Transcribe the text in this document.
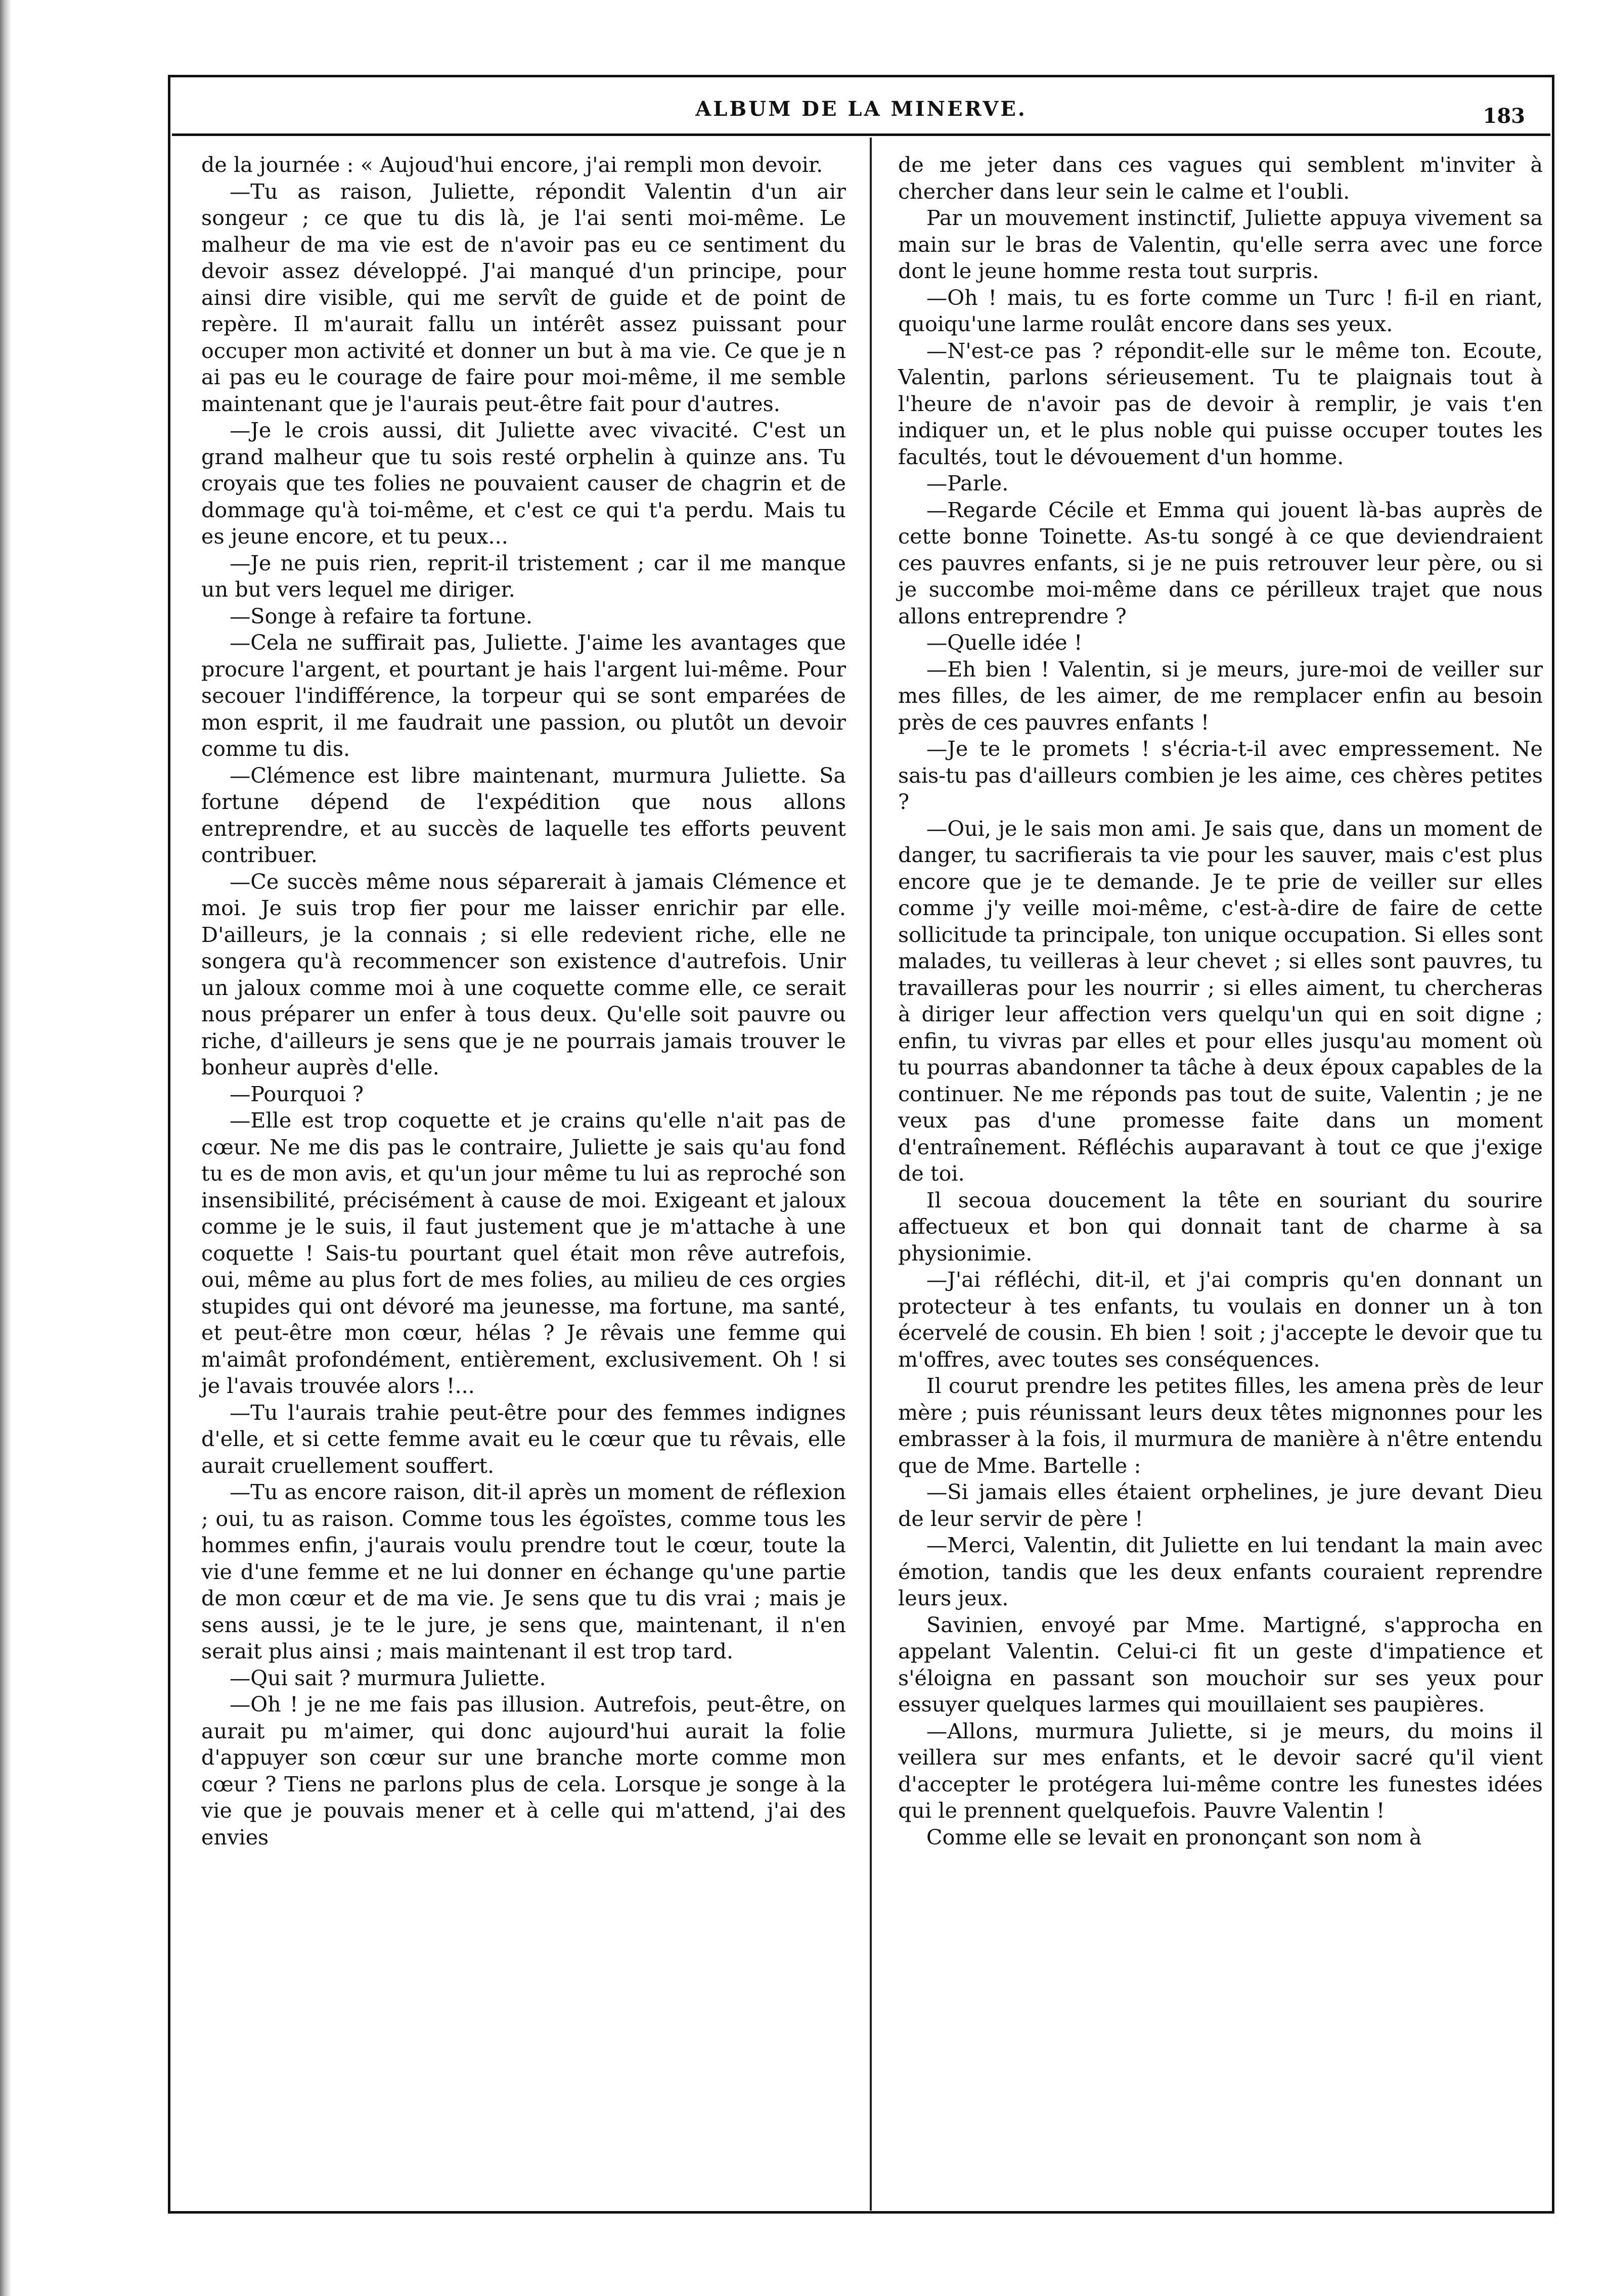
ALBUM DE LA MINERVE.	183

de la journée : « Aujoud'hui encore, j'ai rempli mon devoir.

—Tu as raison, Juliette, répondit Valentin d'un air songeur ; ce que tu dis là, je l'ai senti moi-même. Le malheur de ma vie est de n'avoir pas eu ce sentiment du devoir assez développé. J'ai manqué d'un principe, pour ainsi dire visible, qui me servît de guide et de point de repère. Il m'aurait fallu un intérêt assez puissant pour occuper mon activité et donner un but à ma vie. Ce que je n ai pas eu le courage de faire pour moi-même, il me semble maintenant que je l'aurais peut-être fait pour d'autres.

—Je le crois aussi, dit Juliette avec vivacité. C'est un grand malheur que tu sois resté orphelin à quinze ans. Tu croyais que tes folies ne pouvaient causer de chagrin et de dommage qu'à toi-même, et c'est ce qui t'a perdu. Mais tu es jeune encore, et tu peux...

—Je ne puis rien, reprit-il tristement ; car il me manque un but vers lequel me diriger.

—Songe à refaire ta fortune.

—Cela ne suffirait pas, Juliette. J'aime les avantages que procure l'argent, et pourtant je hais l'argent lui-même. Pour secouer l'indifférence, la torpeur qui se sont emparées de mon esprit, il me faudrait une passion, ou plutôt un devoir comme tu dis.

—Clémence est libre maintenant, murmura Juliette. Sa fortune dépend de l'expédition que nous allons entreprendre, et au succès de laquelle tes efforts peuvent contribuer.

—Ce succès même nous séparerait à jamais Clémence et moi. Je suis trop fier pour me laisser enrichir par elle. D'ailleurs, je la connais ; si elle redevient riche, elle ne songera qu'à recommencer son existence d'autrefois. Unir un jaloux comme moi à une coquette comme elle, ce serait nous préparer un enfer à tous deux. Qu'elle soit pauvre ou riche, d'ailleurs je sens que je ne pourrais jamais trouver le bonheur auprès d'elle.

—Pourquoi ?

—Elle est trop coquette et je crains qu'elle n'ait pas de cœur. Ne me dis pas le contraire, Juliette je sais qu'au fond tu es de mon avis, et qu'un jour même tu lui as reproché son insensibilité, précisément à cause de moi. Exigeant et jaloux comme je le suis, il faut justement que je m'attache à une coquette ! Sais-tu pourtant quel était mon rêve autrefois, oui, même au plus fort de mes folies, au milieu de ces orgies stupides qui ont dévoré ma jeunesse, ma fortune, ma santé, et peut-être mon cœur, hélas ? Je rêvais une femme qui m'aimât profondément, entièrement, exclusivement. Oh ! si je l'avais trouvée alors !...

—Tu l'aurais trahie peut-être pour des femmes indignes d'elle, et si cette femme avait eu le cœur que tu rêvais, elle aurait cruellement souffert.

—Tu as encore raison, dit-il après un moment de réflexion ; oui, tu as raison. Comme tous les égoïstes, comme tous les hommes enfin, j'aurais voulu prendre tout le cœur, toute la vie d'une femme et ne lui donner en échange qu'une partie de mon cœur et de ma vie. Je sens que tu dis vrai ; mais je sens aussi, je te le jure, je sens que, maintenant, il n'en serait plus ainsi ; mais maintenant il est trop tard.

—Qui sait ? murmura Juliette.

—Oh ! je ne me fais pas illusion. Autrefois, peut-être, on aurait pu m'aimer, qui donc aujourd'hui aurait la folie d'appuyer son cœur sur une branche morte comme mon cœur ? Tiens ne parlons plus de cela. Lorsque je songe à la vie que je pouvais mener et à celle qui m'attend, j'ai des envies

de me jeter dans ces vagues qui semblent m'inviter à chercher dans leur sein le calme et l'oubli.

Par un mouvement instinctif, Juliette appuya vivement sa main sur le bras de Valentin, qu'elle serra avec une force dont le jeune homme resta tout surpris.

—Oh ! mais, tu es forte comme un Turc ! fi-il en riant, quoiqu'une larme roulât encore dans ses yeux.

—N'est-ce pas ? répondit-elle sur le même ton. Ecoute, Valentin, parlons sérieusement. Tu te plaignais tout à l'heure de n'avoir pas de devoir à remplir, je vais t'en indiquer un, et le plus noble qui puisse occuper toutes les facultés, tout le dévouement d'un homme.

—Parle.

—Regarde Cécile et Emma qui jouent là-bas auprès de cette bonne Toinette. As-tu songé à ce que deviendraient ces pauvres enfants, si je ne puis retrouver leur père, ou si je succombe moi-même dans ce périlleux trajet que nous allons entreprendre ?

—Quelle idée !

—Eh bien ! Valentin, si je meurs, jure-moi de veiller sur mes filles, de les aimer, de me remplacer enfin au besoin près de ces pauvres enfants !

—Je te le promets ! s'écria-t-il avec empressement. Ne sais-tu pas d'ailleurs combien je les aime, ces chères petites ?

—Oui, je le sais mon ami. Je sais que, dans un moment de danger, tu sacrifierais ta vie pour les sauver, mais c'est plus encore que je te demande. Je te prie de veiller sur elles comme j'y veille moi-même, c'est-à-dire de faire de cette sollicitude ta principale, ton unique occupation. Si elles sont malades, tu veilleras à leur chevet ; si elles sont pauvres, tu travailleras pour les nourrir ; si elles aiment, tu chercheras à diriger leur affection vers quelqu'un qui en soit digne ; enfin, tu vivras par elles et pour elles jusqu'au moment où tu pourras abandonner ta tâche à deux époux capables de la continuer. Ne me réponds pas tout de suite, Valentin ; je ne veux pas d'une promesse faite dans un moment d'entraînement. Réfléchis auparavant à tout ce que j'exige de toi.

Il secoua doucement la tête en souriant du sourire affectueux et bon qui donnait tant de charme à sa physionimie.

—J'ai réfléchi, dit-il, et j'ai compris qu'en donnant un protecteur à tes enfants, tu voulais en donner un à ton écervelé de cousin. Eh bien ! soit ; j'accepte le devoir que tu m'offres, avec toutes ses conséquences.

Il courut prendre les petites filles, les amena près de leur mère ; puis réunissant leurs deux têtes mignonnes pour les embrasser à la fois, il murmura de manière à n'être entendu que de Mme. Bartelle :

—Si jamais elles étaient orphelines, je jure devant Dieu de leur servir de père !

—Merci, Valentin, dit Juliette en lui tendant la main avec émotion, tandis que les deux enfants couraient reprendre leurs jeux.

Savinien, envoyé par Mme. Martigné, s'approcha en appelant Valentin. Celui-ci fit un geste d'impatience et s'éloigna en passant son mouchoir sur ses yeux pour essuyer quelques larmes qui mouillaient ses paupières.

—Allons, murmura Juliette, si je meurs, du moins il veillera sur mes enfants, et le devoir sacré qu'il vient d'accepter le protégera lui-même contre les funestes idées qui le prennent quelquefois. Pauvre Valentin !

Comme elle se levait en prononçant son nom à
